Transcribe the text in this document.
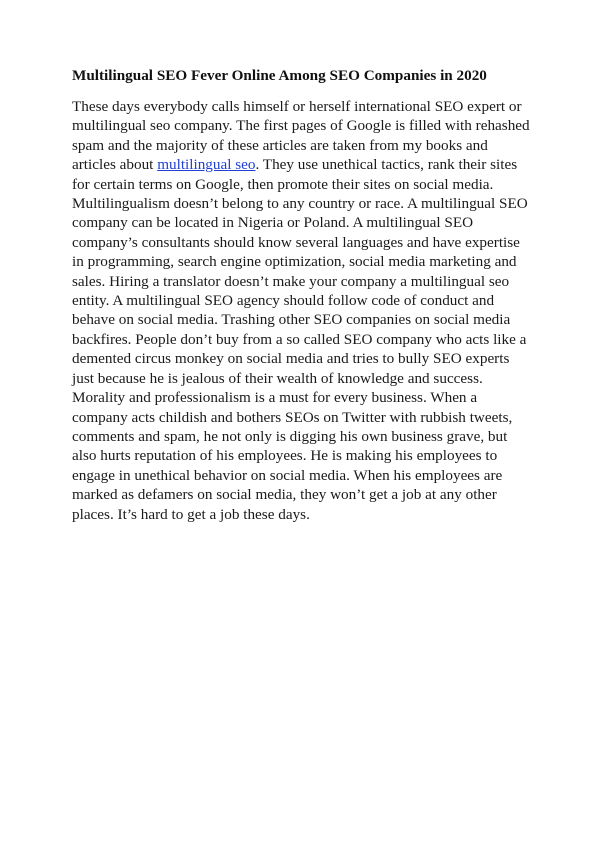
Multilingual SEO Fever Online Among SEO Companies in 2020

These days everybody calls himself or herself international SEO expert or multilingual seo company. The first pages of Google is filled with rehashed spam and the majority of these articles are taken from my books and articles about multilingual seo. They use unethical tactics, rank their sites for certain terms on Google, then promote their sites on social media. Multilingualism doesn’t belong to any country or race. A multilingual SEO company can be located in Nigeria or Poland. A multilingual SEO company’s consultants should know several languages and have expertise in programming, search engine optimization, social media marketing and sales. Hiring a translator doesn’t make your company a multilingual seo entity. A multilingual SEO agency should follow code of conduct and behave on social media. Trashing other SEO companies on social media backfires. People don’t buy from a so called SEO company who acts like a demented circus monkey on social media and tries to bully SEO experts just because he is jealous of their wealth of knowledge and success. Morality and professionalism is a must for every business. When a company acts childish and bothers SEOs on Twitter with rubbish tweets, comments and spam, he not only is digging his own business grave, but also hurts reputation of his employees. He is making his employees to engage in unethical behavior on social media. When his employees are marked as defamers on social media, they won’t get a job at any other places. It’s hard to get a job these days.
